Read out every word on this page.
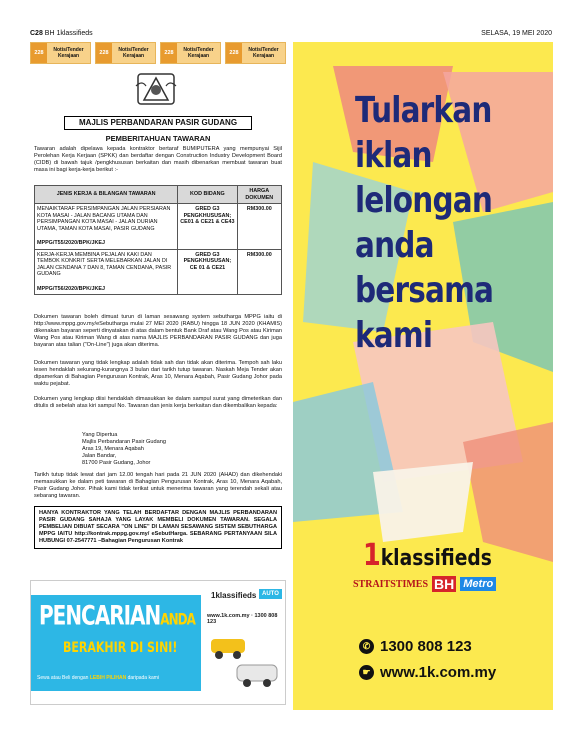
C28 BH 1klassifieds	SELASA, 19 MEI 2020
228
Notis/Tender Kerajaan	228
Notis/Tender Kerajaan	228
Notis/Tender Kerajaan	228
Notis/Tender Kerajaan
MAJLIS PERBANDARAN PASIR GUDANG
PEMBERITAHUAN TAWARAN

Tawaran adalah dipelawa kepada kontraktor bertaraf BUMIPUTERA yang mempunyai Sijil Perolehan Kerja Kerjaan (SPKK) dan berdaftar dengan Construction Industry Development Board (CIDB) di bawah tajuk /pengkhususan berkaitan dan masih dibenarkan membuat tawaran buat masa ini bagi kerja-kerja berikut :-

JENIS KERJA & BILANGAN TAWARAN	KOD BIDANG	HARGA DOKUMEN
MENAIKTARAF PERSIMPANGAN JALAN PERSIARAN KOTA MASAI - JALAN BACANG UTAMA DAN PERSIMPANGAN KOTA MASAI - JALAN DURIAN UTAMA, TAMAN KOTA MASAI, PASIR GUDANG
MPPG/T55/2020/BPK/JKEJ	GRED G3 PENGKHUSUSAN; CE01 & CE21 & CE43	RM300.00
KERJA-KERJA MEMBINA PEJALAN KAKI DAN TEMBOK KONKRIT SERTA MELEBARKAN JALAN DI JALAN CENDANA 7 DAN 8, TAMAN CENDANA, PASIR GUDANG
MPPG/T56/2020/BPK/JKEJ	GRED G3 PENGKHUSUSAN; CE 01 & CE21	RM300.00

Dokumen tawaran boleh dimuat turun di laman sesawang system sebutharga MPPG iaitu di http://www.mppg.gov.my/eSebutharga mulai 27 MEI 2020 (RABU) hingga 18 JUN 2020 (KHAMIS) dikenakan bayaran seperti dinyatakan di atas dalam bentuk Bank Draf atau Wang Pos atau Kiriman Wang Pos atau Kiriman Wang di atas nama MAJLIS PERBANDARAN PASIR GUDANG dan juga bayaran atas talian ("On-Line") juga akan diterima.

Dokumen tawaran yang tidak lengkap adalah tidak sah dan tidak akan diterima. Tempoh sah laku lesen hendaklah sekurang-kurangnya 3 bulan dari tarikh tutup tawaran. Naskah Meja Tender akan dipamerkan di Bahagian Pengurusan Kontrak, Aras 10, Menara Aqabah, Pasir Gudang Johor pada waktu pejabat.

Dokumen yang lengkap diisi hendaklah dimasukkan ke dalam sampul surat yang dimeterikan dan ditulis di sebelah atas kiri sampul No. Tawaran dan jenis kerja berkaitan dan dikembalikan kepada:

Yang Dipertua
Majlis Perbandaran Pasir Gudang
Aras 19, Menara Aqabah
Jalan Bandar,
81700 Pasir Gudang, Johor

Tarikh tutup tidak lewat dari jam 12.00 tengah hari pada 21 JUN 2020 (AHAD) dan dikehendaki memasukkan ke dalam peti tawaran di Bahagian Pengurusan Kontrak, Aras 10, Menara Aqabah, Pasir Gudang Johor. Pihak kami tidak terikat untuk menerima tawaran yang terendah sekali atau sebarang tawaran.

HANYA KONTRAKTOR YANG TELAH BERDAFTAR DENGAN MAJLIS PERBANDARAN PASIR GUDANG SAHAJA YANG LAYAK MEMBELI DOKUMEN TAWARAN. SEGALA PEMBELIAN DIBUAT SECARA "ON LINE" DI LAMAN SESAWANG SISTEM SEBUTHARGA MPPG IAITU http://kontrak.mppg.gov.my/ eSebutHarga. SEBARANG PERTANYAAN SILA HUBUNGI 07-2547771 –Bahagian Pengurusan Kontrak
PENCARIANANDA
BERAKHIR DI SINI!
Sewa atau Beli dengan LEBIH PILIHAN daripada kami
1klassifieds AUTO
www.1k.com.my · 1300 808 123
Tularkan
iklan
lelongan
anda
bersama
kami
1klassifieds
STRAITSTIMES BH Metro
✆ 1300 808 123
☛ www.1k.com.my
